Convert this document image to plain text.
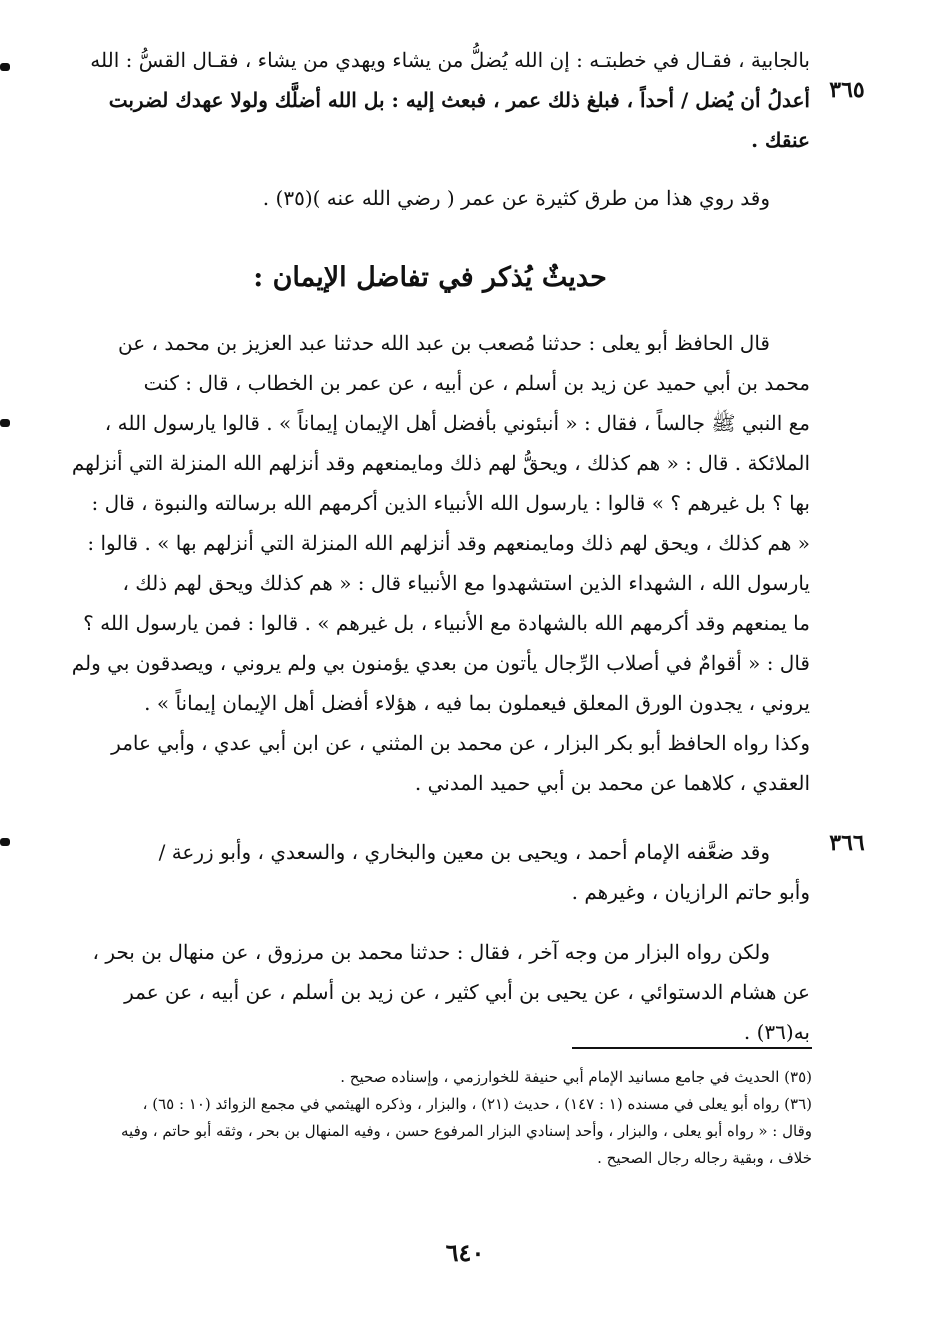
٣٦٥
٣٦٦

بالجابية ، فقـال في خطبتـه : إن الله يُضلُّ من يشاء ويهدي من يشاء ، فقـال القسُّ : الله

أعدلُ أن يُضل / أحداً ، فبلغ ذلك عمر ، فبعث إليه : بل الله أضلَّك ولولا عهدك لضربت

عنقك .

وقد روي هذا من طرق كثيرة عن عمر ( رضي الله عنه )(٣٥) .

حديثٌ يُذكر في تفاضل الإيمان :

قال الحافظ أبو يعلى : حدثنا مُصعب بن عبد الله حدثنا عبد العزيز بن محمد ، عن

محمد بن أبي حميد عن زيد بن أسلم ، عن أبيه ، عن عمر بن الخطاب ، قال : كنت

مع النبي ﷺ جالساً ، فقال : « أنبئوني بأفضل أهل الإيمان إيماناً » . قالوا يارسول الله ،

الملائكة . قال : « هم كذلك ، ويحقُّ لهم ذلك ومايمنعهم وقد أنزلهم الله المنزلة التي أنزلهم

بها ؟ بل غيرهم ؟ » قالوا : يارسول الله الأنبياء الذين أكرمهم الله برسالته والنبوة ، قال :

« هم كذلك ، ويحق لهم ذلك ومايمنعهم وقد أنزلهم الله المنزلة التي أنزلهم بها » . قالوا :

يارسول الله ، الشهداء الذين استشهدوا مع الأنبياء قال : « هم كذلك ويحق لهم ذلك ،

ما يمنعهم وقد أكرمهم الله بالشهادة مع الأنبياء ، بل غيرهم » . قالوا : فمن يارسول الله ؟

قال : « أقوامٌ في أصلاب الرِّجال يأتون من بعدي يؤمنون بي ولم يروني ، ويصدقون بي ولم

يروني ، يجدون الورق المعلق فيعملون بما فيه ، هؤلاء أفضل أهل الإيمان إيماناً » .

وكذا رواه الحافظ أبو بكر البزار ، عن محمد بن المثني ، عن ابن أبي عدي ، وأبي عامر

العقدي ، كلاهما عن محمد بن أبي حميد المدني .

وقد ضعَّفه الإمام أحمد ، ويحيى بن معين والبخاري ، والسعدي ، وأبو زرعة /

وأبو حاتم الرازيان ، وغيرهم .

ولكن رواه البزار من وجه آخر ، فقال : حدثنا محمد بن مرزوق ، عن منهال بن بحر ،

عن هشام الدستوائي ، عن يحيى بن أبي كثير ، عن زيد بن أسلم ، عن أبيه ، عن عمر

به(٣٦) .

(٣٥) الحديث في جامع مسانيد الإمام أبي حنيفة للخوارزمي ، وإسناده صحيح .

(٣٦) رواه أبو يعلى في مسنده (١ : ١٤٧) ، حديث (٢١) ، والبزار ، وذكره الهيثمي في مجمع الزوائد (١٠ : ٦٥) ،

وقال : « رواه أبو يعلى ، والبزار ، وأحد إسنادي البزار المرفوع حسن ، وفيه المنهال بن بحر ، وثقه أبو حاتم ، وفيه

خلاف ، وبقية رجاله رجال الصحيح .

٦٤٠
